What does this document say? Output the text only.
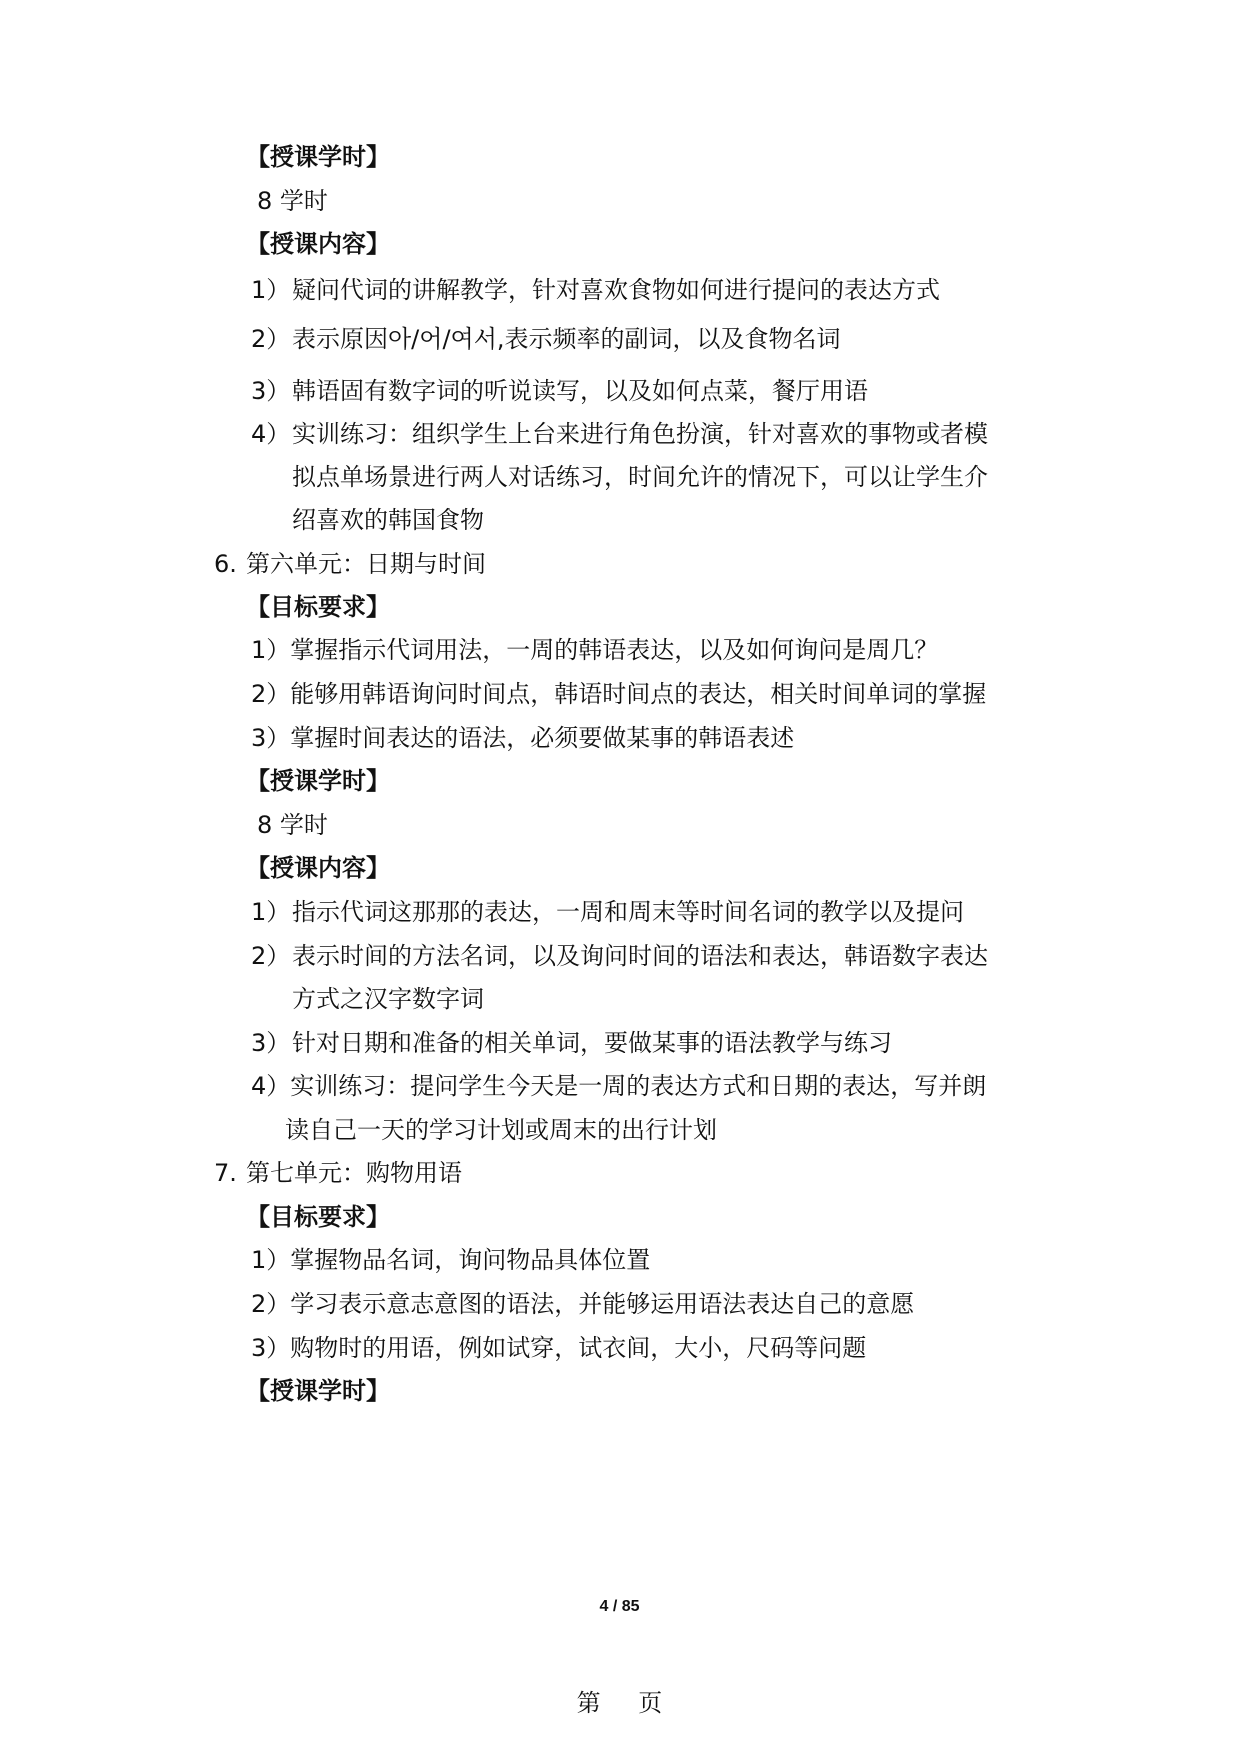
【授课学时】
8 学时
【授课内容】
1） 疑问代词的讲解教学，针对喜欢食物如何进行提问的表达方式
2） 表示原因아/어/여서,表示频率的副词，以及食物名词
3） 韩语固有数字词的听说读写，以及如何点菜，餐厅用语
4） 实训练习：组织学生上台来进行角色扮演，针对喜欢的事物或者模
拟点单场景进行两人对话练习，时间允许的情况下，可以让学生介
绍喜欢的韩国食物
6. 第六单元：日期与时间
【目标要求】
1）掌握指示代词用法，一周的韩语表达，以及如何询问是周几？
2）能够用韩语询问时间点，韩语时间点的表达，相关时间单词的掌握
3）掌握时间表达的语法，必须要做某事的韩语表述
【授课学时】
8 学时
【授课内容】
1） 指示代词这那那的表达，一周和周末等时间名词的教学以及提问
2） 表示时间的方法名词，以及询问时间的语法和表达，韩语数字表达
方式之汉字数字词
3） 针对日期和准备的相关单词，要做某事的语法教学与练习
4）实训练习：提问学生今天是一周的表达方式和日期的表达，写并朗
读自己一天的学习计划或周末的出行计划
7. 第七单元：购物用语
【目标要求】
1）掌握物品名词，询问物品具体位置
2）学习表示意志意图的语法，并能够运用语法表达自己的意愿
3）购物时的用语，例如试穿，试衣间，大小，尺码等问题
【授课学时】
4 / 85
第 页
